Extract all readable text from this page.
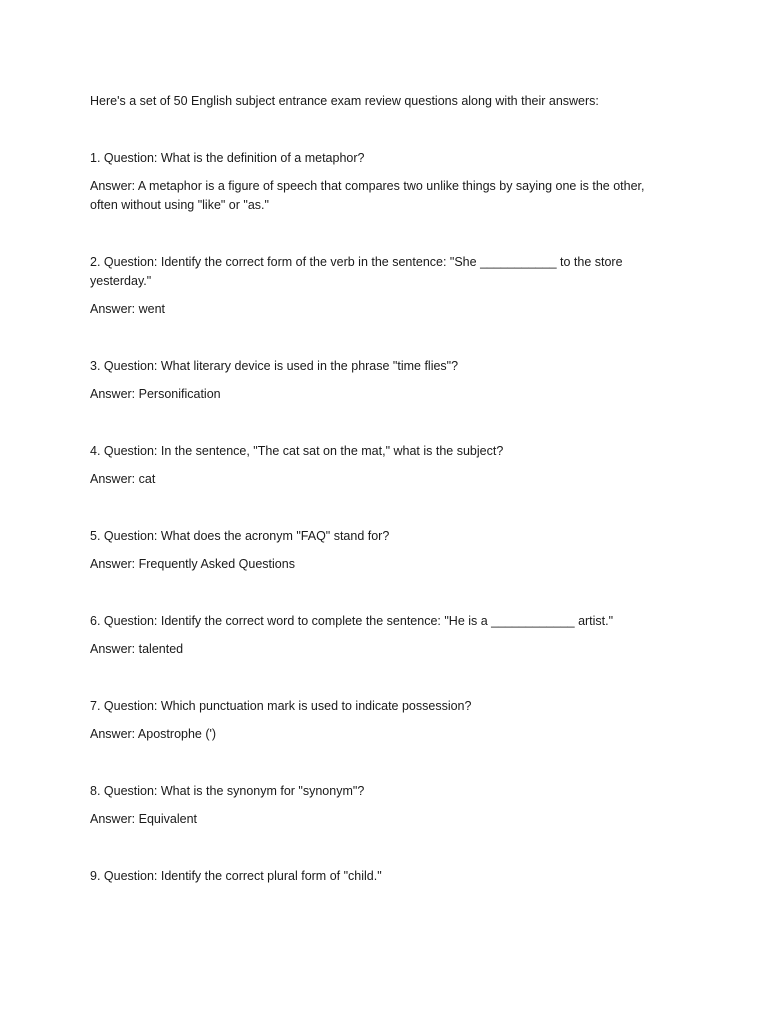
Here's a set of 50 English subject entrance exam review questions along with their answers:

1. Question: What is the definition of a metaphor?

Answer: A metaphor is a figure of speech that compares two unlike things by saying one is the other, often without using "like" or "as."

2. Question: Identify the correct form of the verb in the sentence: "She ___________ to the store yesterday."

Answer: went

3. Question: What literary device is used in the phrase "time flies"?

Answer: Personification

4. Question: In the sentence, "The cat sat on the mat," what is the subject?

Answer: cat

5. Question: What does the acronym "FAQ" stand for?

Answer: Frequently Asked Questions

6. Question: Identify the correct word to complete the sentence: "He is a ____________ artist."

Answer: talented

7. Question: Which punctuation mark is used to indicate possession?

Answer: Apostrophe (')

8. Question: What is the synonym for "synonym"?

Answer: Equivalent

9. Question: Identify the correct plural form of "child."
